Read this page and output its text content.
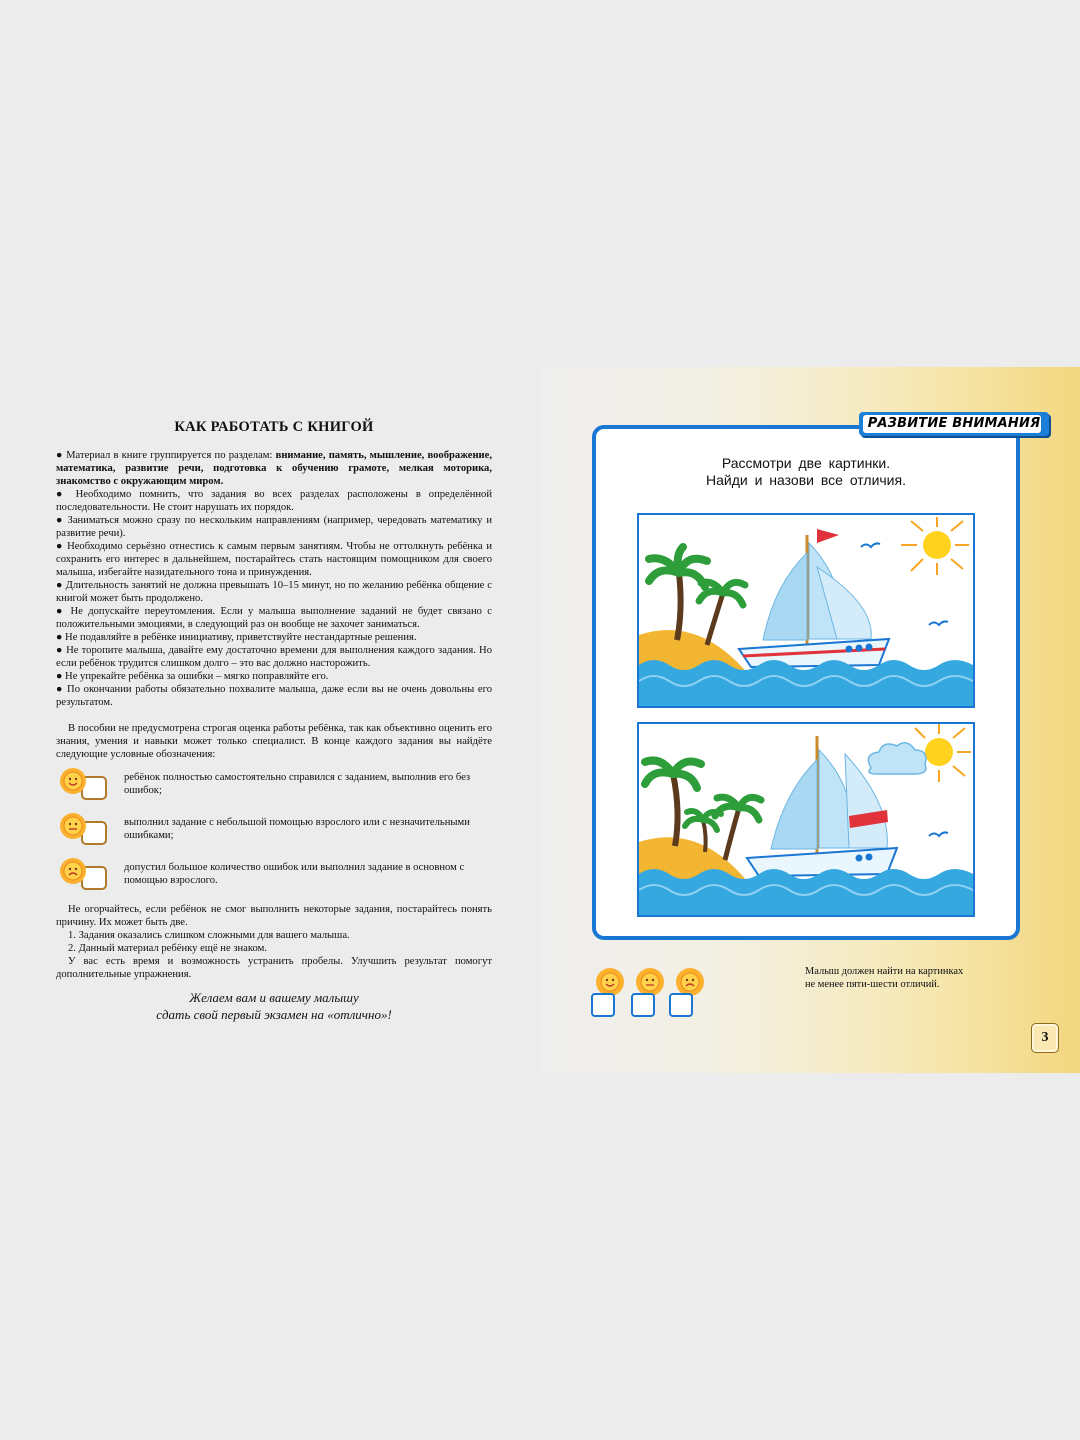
КАК РАБОТАТЬ С КНИГОЙ

● Материал в книге группируется по разделам: внимание, память, мышление, воображение, математика, развитие речи, подготовка к обучению грамоте, мелкая моторика, знакомство с окружающим миром.

● Необходимо помнить, что задания во всех разделах расположены в определённой последовательности. Не стоит нарушать их порядок.

● Заниматься можно сразу по нескольким направлениям (например, чередовать математику и развитие речи).

● Необходимо серьёзно отнестись к самым первым занятиям. Чтобы не оттолкнуть ребёнка и сохранить его интерес в дальнейшем, постарайтесь стать настоящим помощником для своего малыша, избегайте назидательного тона и принуждения.

● Длительность занятий не должна превышать 10–15 минут, но по желанию ребёнка общение с книгой может быть продолжено.

● Не допускайте переутомления. Если у малыша выполнение заданий не будет связано с положительными эмоциями, в следующий раз он вообще не захочет заниматься.

● Не подавляйте в ребёнке инициативу, приветствуйте нестандартные решения.

● Не торопите малыша, давайте ему достаточно времени для выполнения каждого задания. Но если ребёнок трудится слишком долго – это вас должно насторожить.

● Не упрекайте ребёнка за ошибки – мягко поправляйте его.

● По окончании работы обязательно похвалите малыша, даже если вы не очень довольны его результатом.

В пособии не предусмотрена строгая оценка работы ребёнка, так как объективно оценить его знания, умения и навыки может только специалист. В конце каждого задания вы найдёте следующие условные обозначения:

ребёнок полностью самостоятельно справился с заданием, выполнив его без ошибок;
выполнил задание с небольшой помощью взрослого или с незначительными ошибками;
допустил большое количество ошибок или выполнил задание в основном с помощью взрослого.

Не огорчайтесь, если ребёнок не смог выполнить некоторые задания, постарайтесь понять причину. Их может быть две.

1. Задания оказались слишком сложными для вашего малыша.

2. Данный материал ребёнку ещё не знаком.

У вас есть время и возможность устранить пробелы. Улучшить результат помогут дополнительные упражнения.

Желаем вам и вашему малышу
сдать свой первый экзамен на «отлично»!
РАЗВИТИЕ ВНИМАНИЯ
Рассмотри две картинки.
Найди и назови все отличия.
Малыш должен найти на картинках
не менее пяти-шести отличий.
3
